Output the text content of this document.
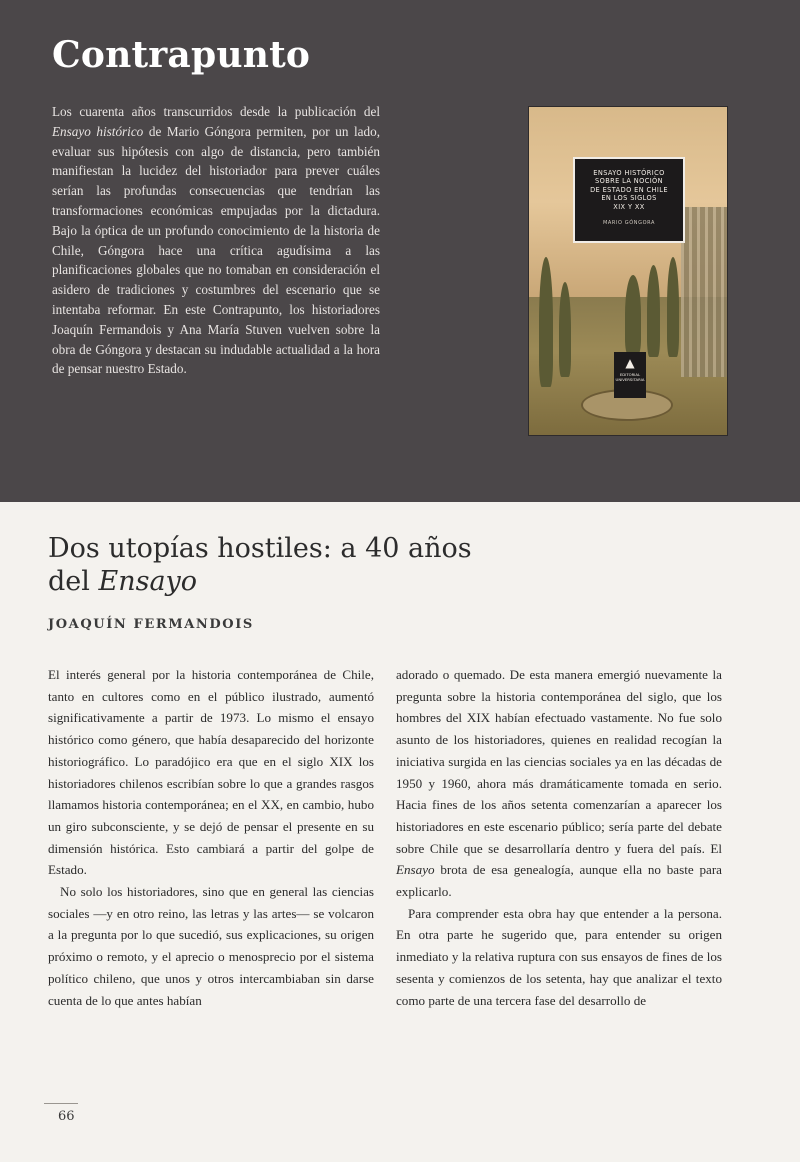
Contrapunto

Los cuarenta años transcurridos desde la publicación del Ensayo histórico de Mario Góngora permiten, por un lado, evaluar sus hipótesis con algo de distancia, pero también manifiestan la lucidez del historiador para prever cuáles serían las profundas consecuencias que tendrían las transformaciones económicas empujadas por la dictadura. Bajo la óptica de un profundo conocimiento de la historia de Chile, Góngora hace una crítica agudísima a las planificaciones globales que no tomaban en consideración el asidero de tradiciones y costumbres del escenario que se intentaba reformar. En este Contrapunto, los historiadores Joaquín Fermandois y Ana María Stuven vuelven sobre la obra de Góngora y destacan su indudable actualidad a la hora de pensar nuestro Estado.

ENSAYO HISTÓRICO
SOBRE LA NOCIÓN
DE ESTADO EN CHILE
EN LOS SIGLOS
XIX Y XX
MARIO GÓNGORA
▲
EDITORIAL
UNIVERSITARIA
Dos utopías hostiles: a 40 años
del Ensayo

JOAQUÍN FERMANDOIS

El interés general por la historia contemporánea de Chile, tanto en cultores como en el público ilustrado, aumentó significativamente a partir de 1973. Lo mismo el ensayo histórico como género, que había desaparecido del horizonte historiográfico. Lo paradójico era que en el siglo XIX los historiadores chilenos escribían sobre lo que a grandes rasgos llamamos historia contemporánea; en el XX, en cambio, hubo un giro subconsciente, y se dejó de pensar el presente en su dimensión histórica. Esto cambiará a partir del golpe de Estado.

No solo los historiadores, sino que en general las ciencias sociales —y en otro reino, las letras y las artes— se volcaron a la pregunta por lo que sucedió, sus explicaciones, su origen próximo o remoto, y el aprecio o menosprecio por el sistema político chileno, que unos y otros intercambiaban sin darse cuenta de lo que antes habían

adorado o quemado. De esta manera emergió nuevamente la pregunta sobre la historia contemporánea del siglo, que los hombres del XIX habían efectuado vastamente. No fue solo asunto de los historiadores, quienes en realidad recogían la iniciativa surgida en las ciencias sociales ya en las décadas de 1950 y 1960, ahora más dramáticamente tomada en serio. Hacia fines de los años setenta comenzarían a aparecer los historiadores en este escenario público; sería parte del debate sobre Chile que se desarrollaría dentro y fuera del país. El Ensayo brota de esa genealogía, aunque ella no baste para explicarlo.

Para comprender esta obra hay que entender a la persona. En otra parte he sugerido que, para entender su origen inmediato y la relativa ruptura con sus ensayos de fines de los sesenta y comienzos de los setenta, hay que analizar el texto como parte de una tercera fase del desarrollo de

66
